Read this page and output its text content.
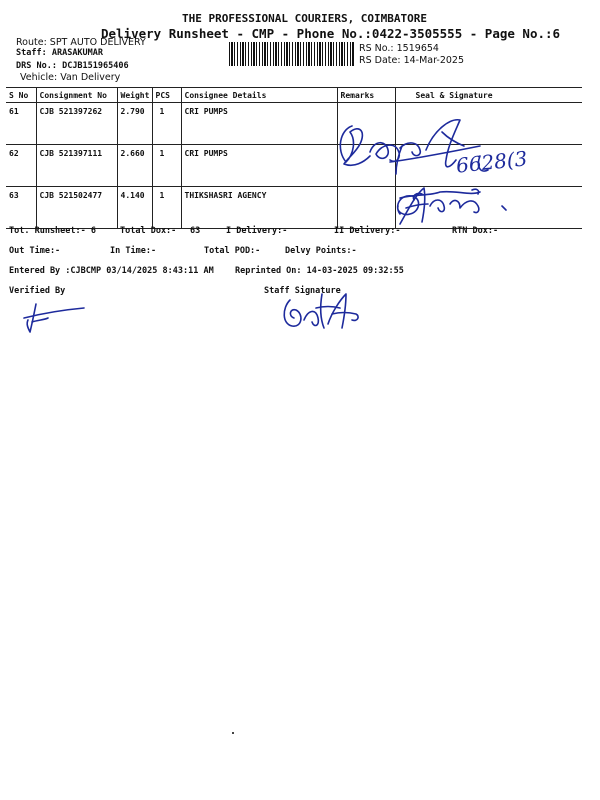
THE PROFESSIONAL COURIERS, COIMBATORE
Delivery Runsheet - CMP - Phone No.:0422-3505555 - Page No.:6
Route: SPT AUTO DELIVERY
Staff: ARASAKUMAR
DRS No.: DCJB151965406
Vehicle: Van Delivery
RS No.: 1519654
RS Date: 14-Mar-2025
S No	Consignment No	Weight	PCS	Consignee Details	Remarks	Seal & Signature
61	CJB 521397262	2.790	1	CRI PUMPS		
62	CJB 521397111	2.660	1	CRI PUMPS		
63	CJB 521502477	4.140	1	THIKSHASRI AGENCY		
6628(3
Tot. Runsheet:- 6	Total Dox:- 63	I Delivery:-	II Delivery:-	RTN Dox:-
Out Time:-	In Time:-	Total POD:-	Delvy Points:-
Entered By :CJBCMP 03/14/2025 8:43:11 AM	Reprinted On: 14-03-2025 09:32:55
Verified By	Staff Signature
